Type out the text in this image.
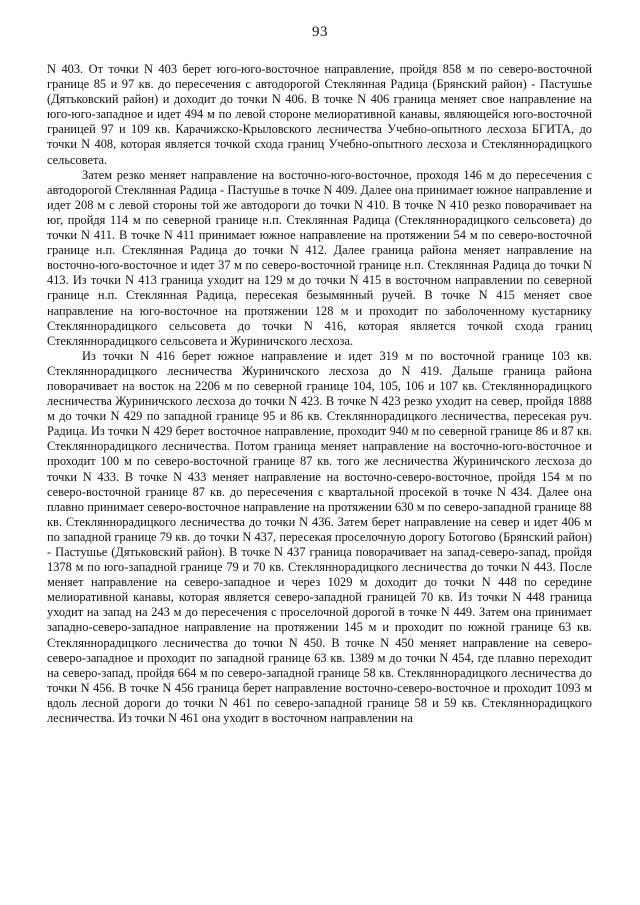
93

N 403. От точки N 403 берет юго-юго-восточное направление, пройдя 858 м по северо-восточной границе 85 и 97 кв. до пересечения с автодорогой Стеклянная Радица (Брянский район) - Пастушье (Дятьковский район) и доходит до точки N 406. В точке N 406 граница меняет свое направление на юго-юго-западное и идет 494 м по левой стороне мелиоративной канавы, являющейся юго-восточной границей 97 и 109 кв. Карачижско-Крыловского лесничества Учебно-опытного лесхоза БГИТА, до точки N 408, которая является точкой схода границ Учебно-опытного лесхоза и Стекляннорадицкого сельсовета.

Затем резко меняет направление на восточно-юго-восточное, проходя 146 м до пересечения с автодорогой Стеклянная Радица - Пастушье в точке N 409. Далее она принимает южное направление и идет 208 м с левой стороны той же автодороги до точки N 410. В точке N 410 резко поворачивает на юг, пройдя 114 м по северной границе н.п. Стеклянная Радица (Стекляннорадицкого сельсовета) до точки N 411. В точке N 411 принимает южное направление на протяжении 54 м по северо-восточной границе н.п. Стеклянная Радица до точки N 412. Далее граница района меняет направление на восточно-юго-восточное и идет 37 м по северо-восточной границе н.п. Стеклянная Радица до точки N 413. Из точки N 413 граница уходит на 129 м до точки N 415 в восточном направлении по северной границе н.п. Стеклянная Радица, пересекая безымянный ручей. В точке N 415 меняет свое направление на юго-восточное на протяжении 128 м и проходит по заболоченному кустарнику Стекляннорадицкого сельсовета до точки N 416, которая является точкой схода границ Стекляннорадицкого сельсовета и Журиничского лесхоза.

Из точки N 416 берет южное направление и идет 319 м по восточной границе 103 кв. Стекляннорадицкого лесничества Журиничского лесхоза до N 419. Дальше граница района поворачивает на восток на 2206 м по северной границе 104, 105, 106 и 107 кв. Стекляннорадицкого лесничества Журиничского лесхоза до точки N 423. В точке N 423 резко уходит на север, пройдя 1888 м до точки N 429 по западной границе 95 и 86 кв. Стекляннорадицкого лесничества, пересекая руч. Радица. Из точки N 429 берет восточное направление, проходит 940 м по северной границе 86 и 87 кв. Стекляннорадицкого лесничества. Потом граница меняет направление на восточно-юго-восточное и проходит 100 м по северо-восточной границе 87 кв. того же лесничества Журиничского лесхоза до точки N 433. В точке N 433 меняет направление на восточно-северо-восточное, пройдя 154 м по северо-восточной границе 87 кв. до пересечения с квартальной просекой в точке N 434. Далее она плавно принимает северо-восточное направление на протяжении 630 м по северо-западной границе 88 кв. Стекляннорадицкого лесничества до точки N 436. Затем берет направление на север и идет 406 м по западной границе 79 кв. до точки N 437, пересекая проселочную дорогу Ботогово (Брянский район) - Пастушье (Дятьковский район). В точке N 437 граница поворачивает на запад-северо-запад, пройдя 1378 м по юго-западной границе 79 и 70 кв. Стекляннорадицкого лесничества до точки N 443. После меняет направление на северо-западное и через 1029 м доходит до точки N 448 по середине мелиоративной канавы, которая является северо-западной границей 70 кв. Из точки N 448 граница уходит на запад на 243 м до пересечения с проселочной дорогой в точке N 449. Затем она принимает западно-северо-западное направление на протяжении 145 м и проходит по южной границе 63 кв. Стекляннорадицкого лесничества до точки N 450. В точке N 450 меняет направление на северо-северо-западное и проходит по западной границе 63 кв. 1389 м до точки N 454, где плавно переходит на северо-запад, пройдя 664 м по северо-западной границе 58 кв. Стекляннорадицкого лесничества до точки N 456. В точке N 456 граница берет направление восточно-северо-восточное и проходит 1093 м вдоль лесной дороги до точки N 461 по северо-западной границе 58 и 59 кв. Стекляннорадицкого лесничества. Из точки N 461 она уходит в восточном направлении на
